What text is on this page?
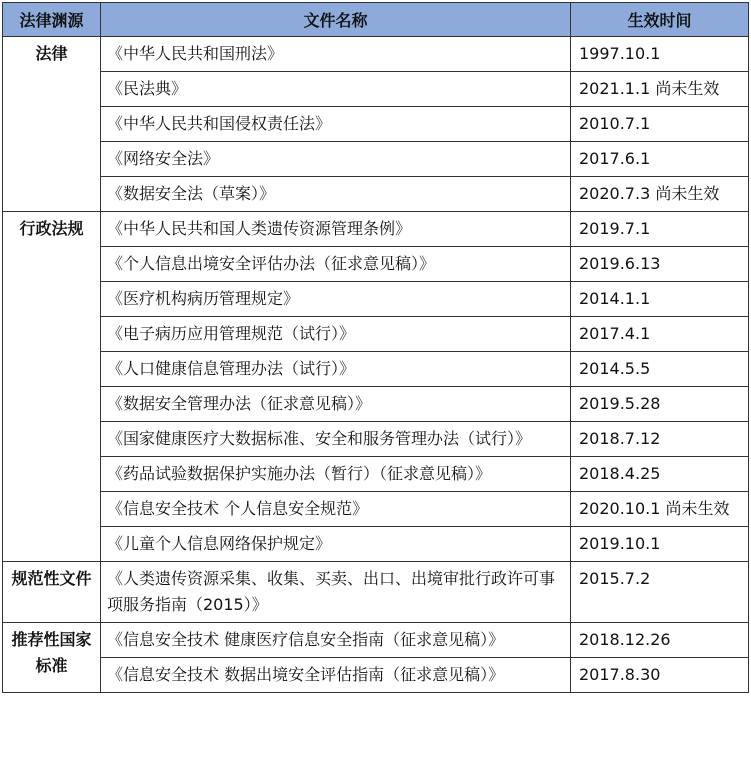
法律渊源	文件名称	生效时间
法律	《中华人民共和国刑法》	1997.10.1
	《民法典》	2021.1.1 尚未生效
	《中华人民共和国侵权责任法》	2010.7.1
	《网络安全法》	2017.6.1
	《数据安全法（草案）》	2020.7.3 尚未生效
行政法规	《中华人民共和国人类遗传资源管理条例》	2019.7.1
	《个人信息出境安全评估办法（征求意见稿）》	2019.6.13
	《医疗机构病历管理规定》	2014.1.1
	《电子病历应用管理规范（试行）》	2017.4.1
	《人口健康信息管理办法（试行）》	2014.5.5
	《数据安全管理办法（征求意见稿）》	2019.5.28
	《国家健康医疗大数据标准、安全和服务管理办法（试行）》	2018.7.12
	《药品试验数据保护实施办法（暂行）（征求意见稿）》	2018.4.25
	《信息安全技术 个人信息安全规范》	2020.10.1 尚未生效
	《儿童个人信息网络保护规定》	2019.10.1
规范性文件	《人类遗传资源采集、收集、买卖、出口、出境审批行政许可事项服务指南（2015）》	2015.7.2
推荐性国家标准	《信息安全技术 健康医疗信息安全指南（征求意见稿）》	2018.12.26
	《信息安全技术 数据出境安全评估指南（征求意见稿）》	2017.8.30
